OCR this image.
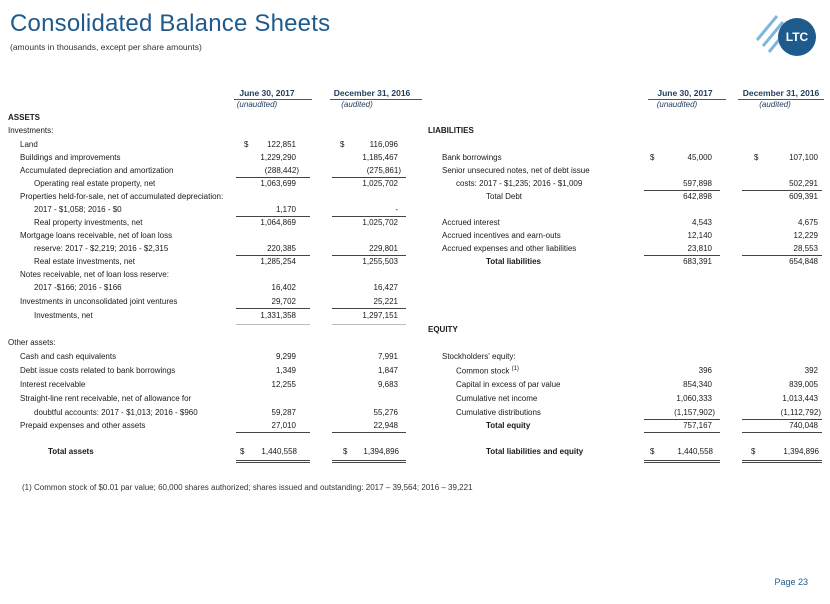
Consolidated Balance Sheets
(amounts in thousands, except per share amounts)
LTC
REIT
June 30, 2017	December 31, 2016
(unaudited)	(audited)
June 30, 2017	December 31, 2016
(unaudited)	(audited)
ASSETS
Investments:
Land	$	122,851	$	116,096
Buildings and improvements	1,229,290	1,185,467
Accumulated depreciation and amortization	(288,442)	(275,861)
Operating real estate property, net	1,063,699	1,025,702
Properties held-for-sale, net of accumulated depreciation:
2017 - $1,058; 2016 - $0	1,170	-
Real property investments, net	1,064,869	1,025,702
Mortgage loans receivable, net of loan loss
reserve: 2017 - $2,219; 2016 - $2,315	220,385	229,801
Real estate investments, net	1,285,254	1,255,503
Notes receivable, net of loan loss reserve:
2017 -$166; 2016 - $166	16,402	16,427
Investments in unconsolidated joint ventures	29,702	25,221
Investments, net	1,331,358	1,297,151
Other assets:
Cash and cash equivalents	9,299	7,991
Debt issue costs related to bank borrowings	1,349	1,847
Interest receivable	12,255	9,683
Straight-line rent receivable, net of allowance for
doubtful accounts: 2017 - $1,013; 2016 - $960	59,287	55,276
Prepaid expenses and other assets	27,010	22,948
Total assets	$	1,440,558	$	1,394,896
LIABILITIES
Bank borrowings	$	45,000	$	107,100
Senior unsecured notes, net of debt issue
costs: 2017 - $1,235; 2016 - $1,009	597,898	502,291
Total Debt	642,898	609,391
Accrued interest	4,543	4,675
Accrued incentives and earn-outs	12,140	12,229
Accrued expenses and other liabilities	23,810	28,553
Total liabilities	683,391	654,848
EQUITY
Stockholders' equity:
Common stock $^{(1)}$	396	392
Capital in excess of par value	854,340	839,005
Cumulative net income	1,060,333	1,013,443
Cumulative distributions	(1,157,902)	(1,112,792)
Total equity	757,167	740,048
Total liabilities and equity	$	1,440,558	$	1,394,896
(1) Common stock of $0.01 par value; 60,000 shares authorized; shares issued and outstanding: 2017 – 39,564; 2016 – 39,221
Page 23
